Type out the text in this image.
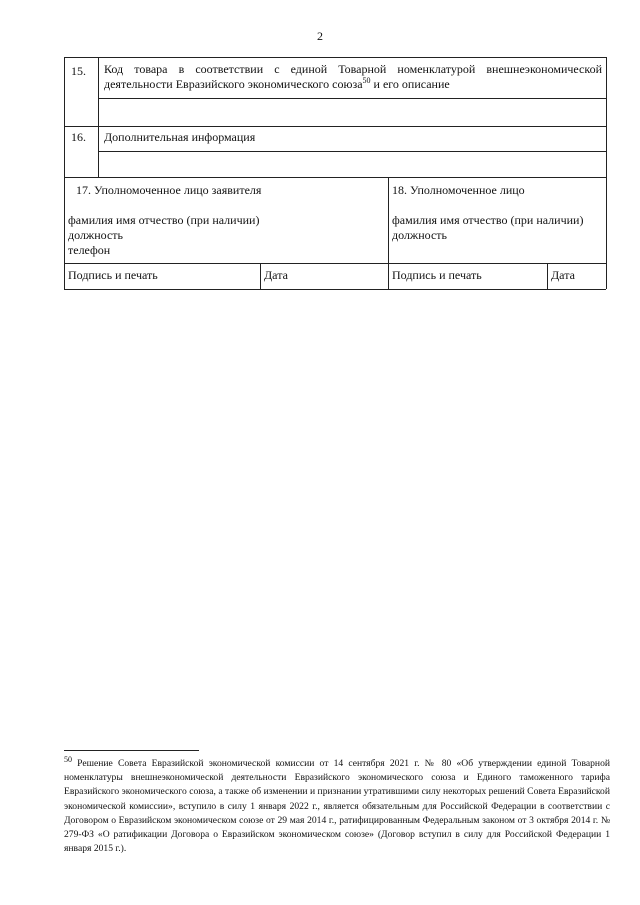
2
15. Код товара в соответствии с единой Товарной номенклатурой внешнеэкономической деятельности Евразийского экономического союза$^{50}$ и его описание
16. Дополнительная информация
17. Уполномоченное лицо заявителя
фамилия имя отчество (при наличии)
должность
телефон
Подпись и печать	Дата
18. Уполномоченное лицо
фамилия имя отчество (при наличии)
должность
Подпись и печать	Дата
$^{50}$ Решение Совета Евразийской экономической комиссии от 14 сентября 2021 г. № 80 «Об утверждении единой Товарной номенклатуры внешнеэкономической деятельности Евразийского экономического союза и Единого таможенного тарифа Евразийского экономического союза, а также об изменении и признании утратившими силу некоторых решений Совета Евразийской экономической комиссии», вступило в силу 1 января 2022 г., является обязательным для Российской Федерации в соответствии с Договором о Евразийском экономическом союзе от 29 мая 2014 г., ратифицированным Федеральным законом от 3 октября 2014 г. № 279-ФЗ «О ратификации Договора о Евразийском экономическом союзе» (Договор вступил в силу для Российской Федерации 1 января 2015 г.).
